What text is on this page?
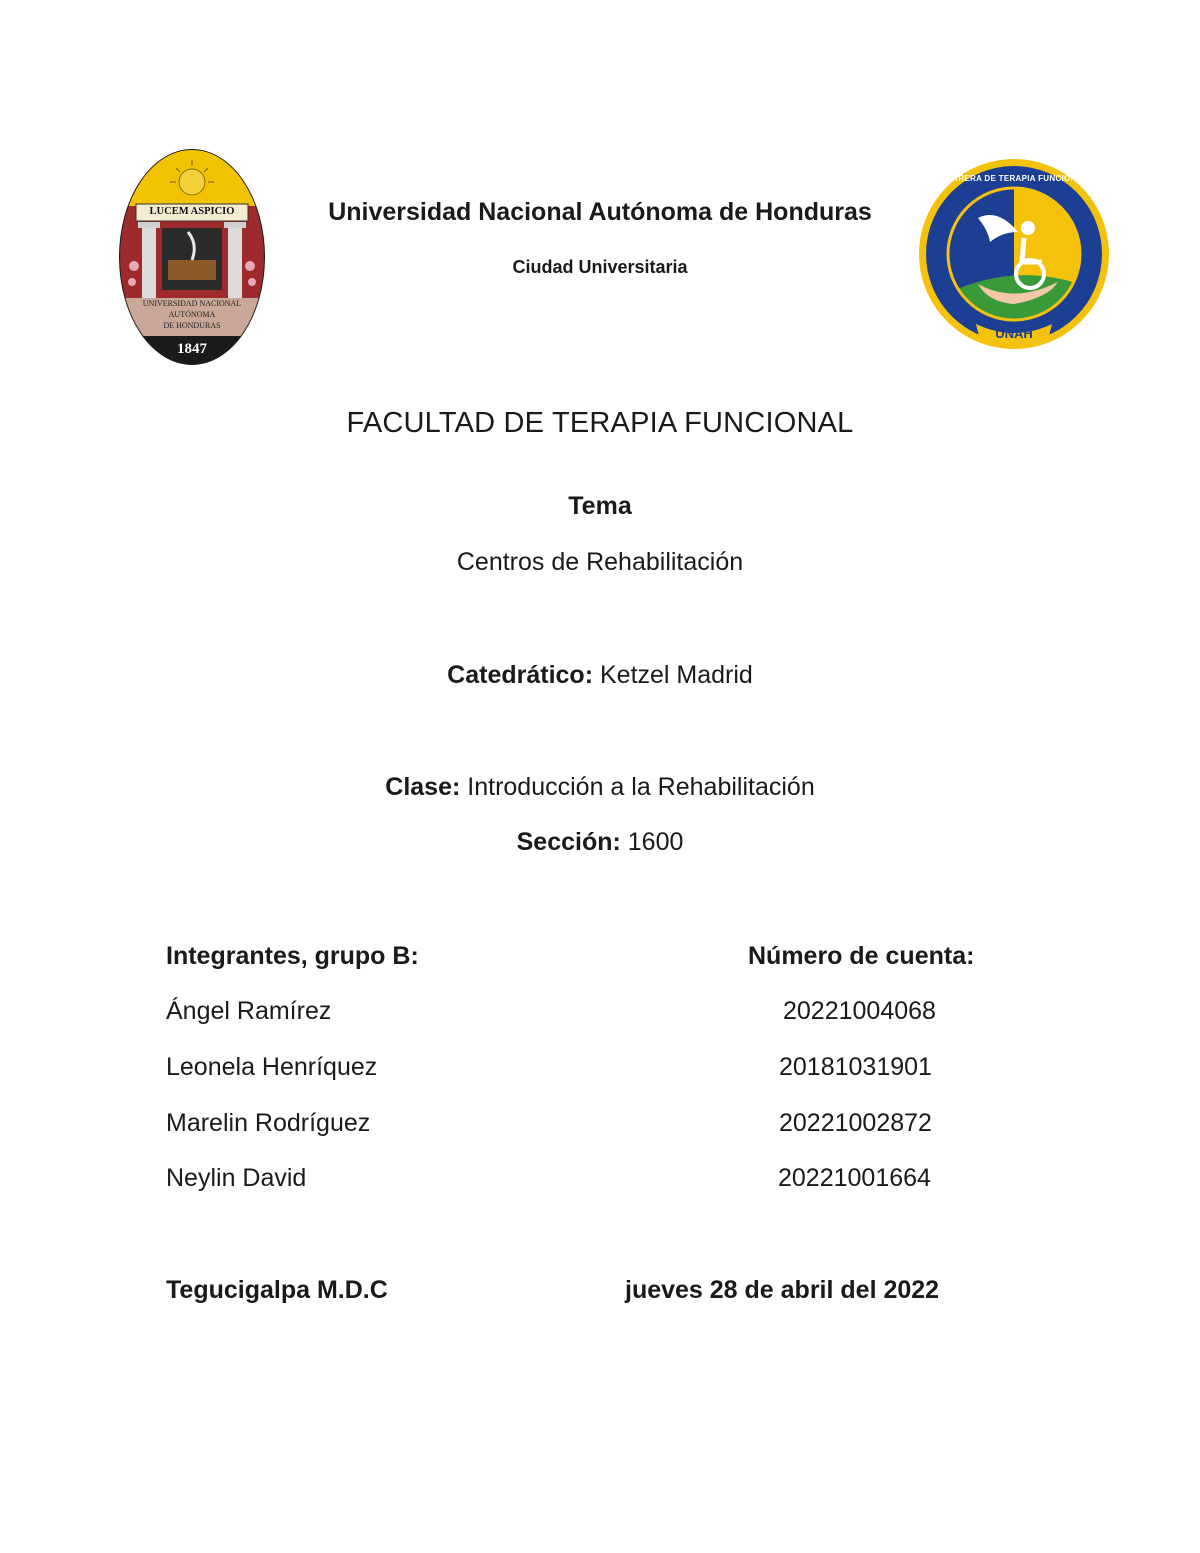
LUCEM ASPICIO
UNIVERSIDAD NACIONAL
AUTÓNOMA
DE HONDURAS
1847
CARRERA DE TERAPIA FUNCIONAL
UNAH
Universidad Nacional Autónoma de Honduras
Ciudad Universitaria
FACULTAD DE TERAPIA FUNCIONAL
Tema
Centros de Rehabilitación
Catedrático: Ketzel Madrid
Clase: Introducción a la Rehabilitación
Sección: 1600
Integrantes, grupo B:	Número de cuenta:
Ángel Ramírez	20221004068
Leonela Henríquez	20181031901
Marelin Rodríguez	20221002872
Neylin David	20221001664
Tegucigalpa M.D.C	jueves 28 de abril del 2022
